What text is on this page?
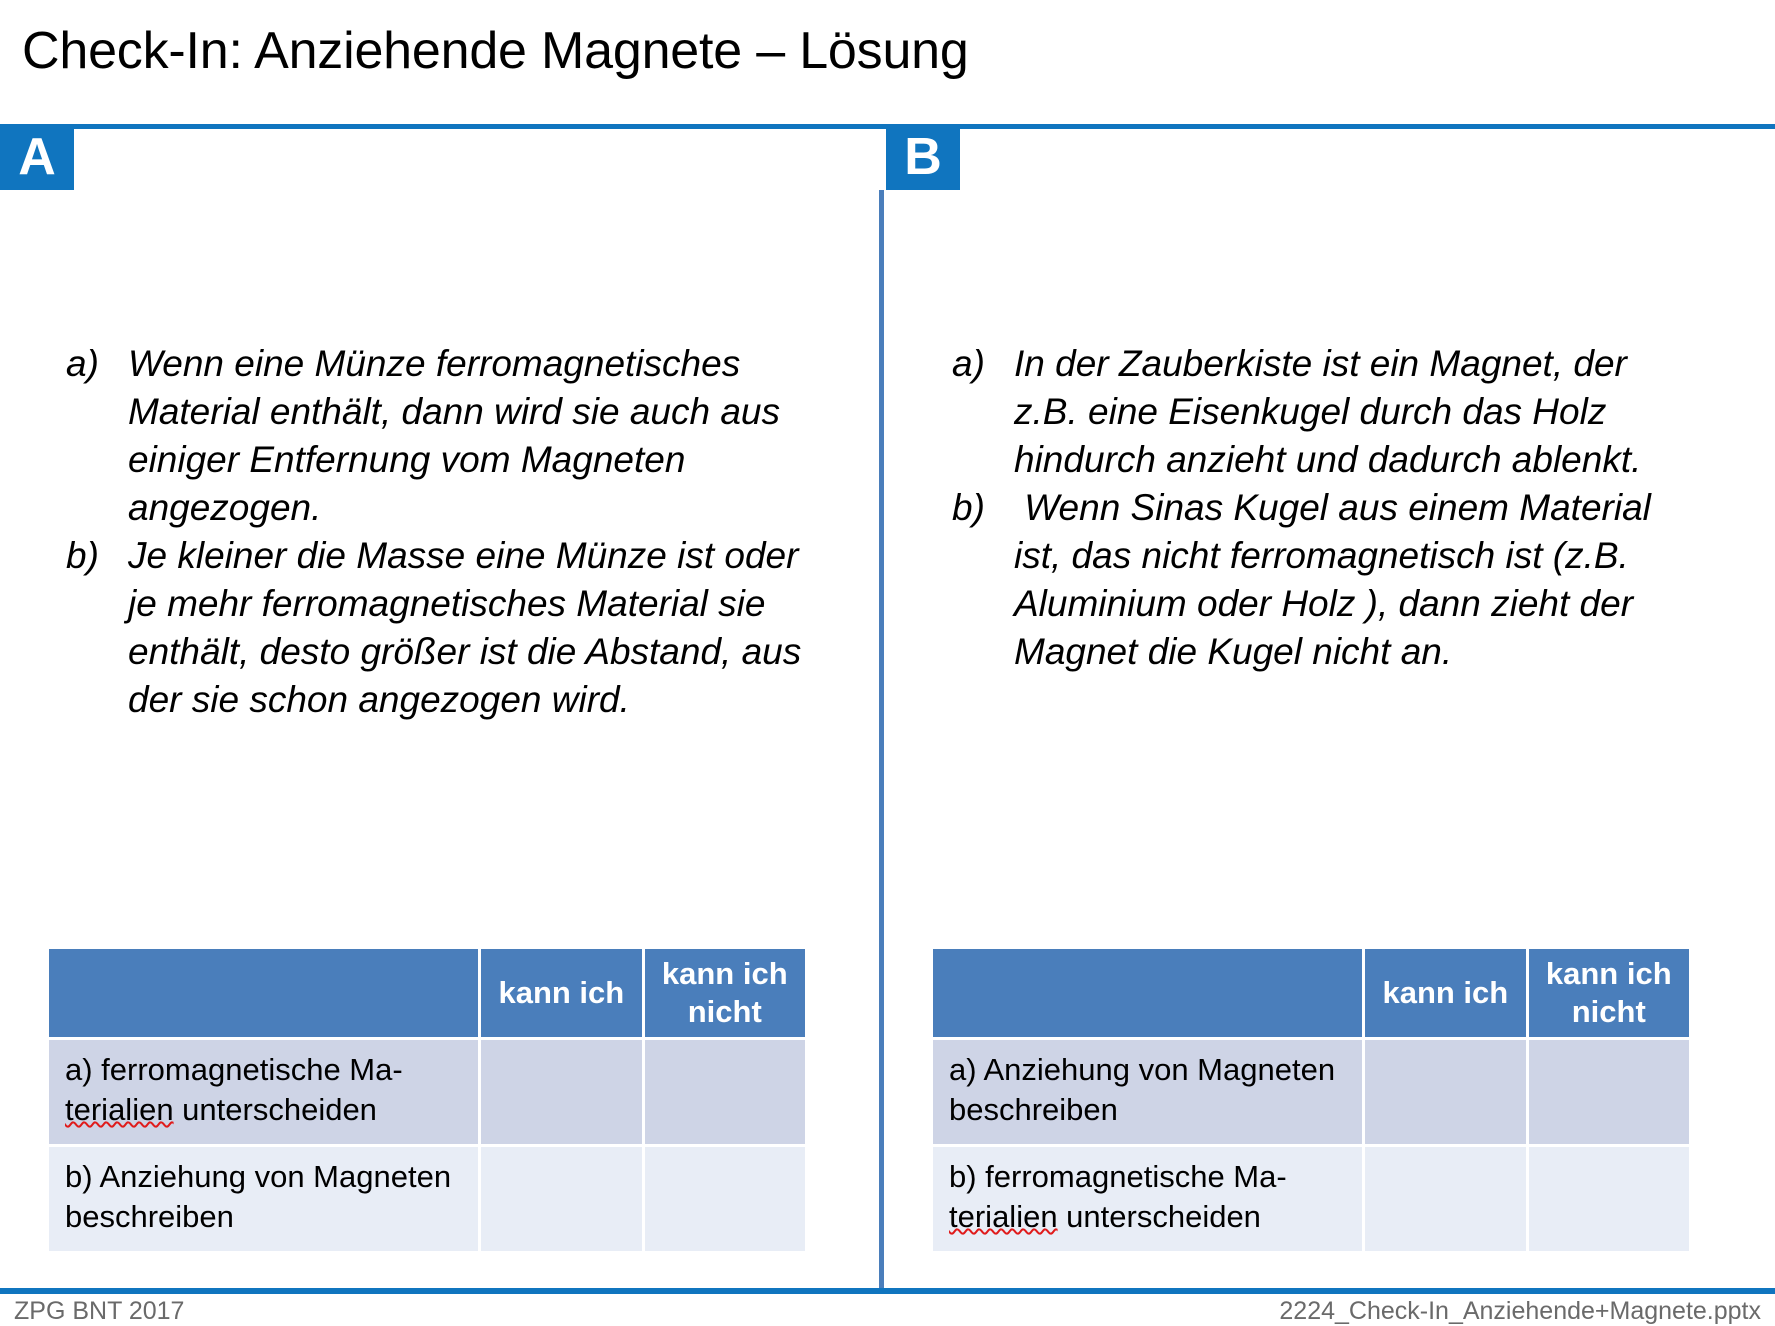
Check-In: Anziehende Magnete – Lösung
A	B
a) Wenn eine Münze ferromagnetisches Material enthält, dann wird sie auch aus einiger Entfernung vom Magneten angezogen.
b) Je kleiner die Masse eine Münze ist oder je mehr ferromagnetisches Material sie enthält, desto größer ist die Abstand, aus der sie schon angezogen wird.
a) In der Zauberkiste ist ein Magnet, der z.B. eine Eisenkugel durch das Holz hindurch anzieht und dadurch ablenkt.
b) Wenn Sinas Kugel aus einem Material ist, das nicht ferromagnetisch ist (z.B. Aluminium oder Holz ), dann zieht der Magnet die Kugel nicht an.
	kann ich	kann ich nicht
a) ferromagnetische Ma- terialien unterscheiden		
b) Anziehung von Magneten beschreiben		
	kann ich	kann ich nicht
a) Anziehung von Magneten beschreiben		
b) ferromagnetische Ma- terialien unterscheiden		
ZPG BNT 2017	2224_Check-In_Anziehende+Magnete.pptx
